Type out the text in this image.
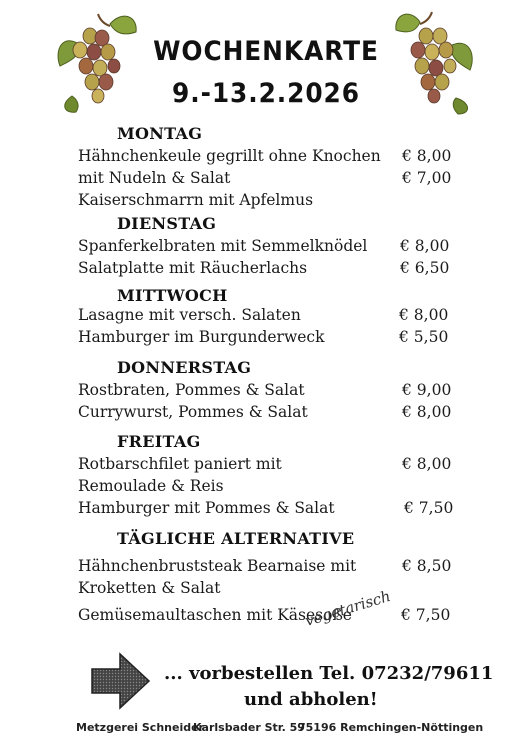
WOCHENKARTE
9.-13.2.2026
MONTAG
Hähnchenkeule gegrillt ohne Knochen € 8,00
mit Nudeln & Salat	€ 7,00
Kaiserschmarrn mit Apfelmus
DIENSTAG
Spanferkelbraten mit Semmelknödel € 8,00
Salatplatte mit Räucherlachs	€ 6,50
MITTWOCH
Lasagne mit versch. Salaten	€ 8,00
Hamburger im Burgunderweck	€ 5,50
DONNERSTAG
Rostbraten, Pommes & Salat	€ 9,00
Currywurst, Pommes & Salat	€ 8,00
FREITAG
Rotbarschfilet paniert mit	€ 8,00
Remoulade & Reis
Hamburger mit Pommes & Salat	€ 7,50
TÄGLICHE ALTERNATIVE
Hähnchenbruststeak Bearnaise mit	€ 8,50
Kroketten & Salat
Gemüsemaultaschen mit Käsesoße	€ 7,50
vegetarisch
... vorbestellen Tel. 07232/79611
und abholen!
Metzgerei Schneider
Karlsbader Str. 59
75196 Remchingen-Nöttingen
